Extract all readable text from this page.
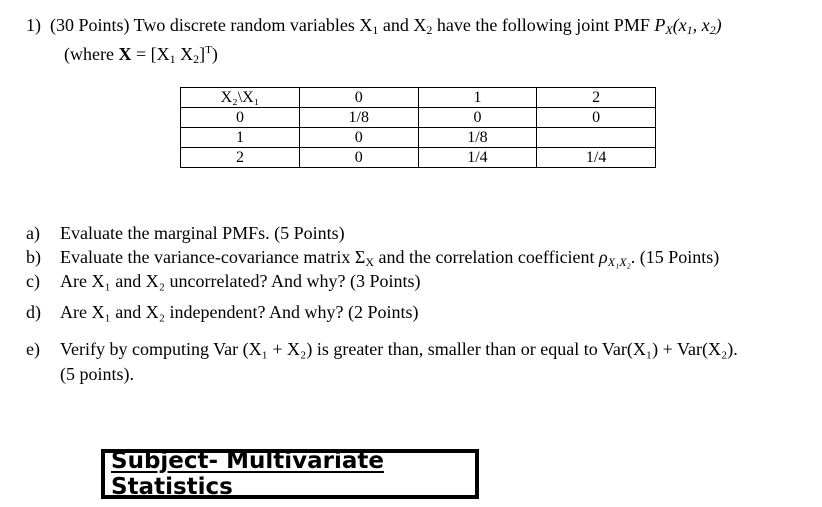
1) (30 Points) Two discrete random variables $X_1$ and $X_2$ have the following joint PMF $P_X(x_1$, $x_2$)
(where $X = [X_1$ $X_2]^T$)
X₂\X₁	0	1	2
0	1/8	0	0
1	0	1/8	
2	0	1/4	1/4
a) Evaluate the marginal PMFs. (5 Points)
b) Evaluate the variance-covariance matrix $\Sigma_X$ and the correlation coefficient $\rho_{X_1X_2}$. (15 Points)
c) Are X₁ and X₂ uncorrelated? And why? (3 Points)
d) Are X₁ and X₂ independent? And why? (2 Points)
e) Verify by computing Var (X₁ + X₂) is greater than, smaller than or equal to Var(X₁) + Var(X₂).
(5 points).
Subject- Multivariate Statistics
